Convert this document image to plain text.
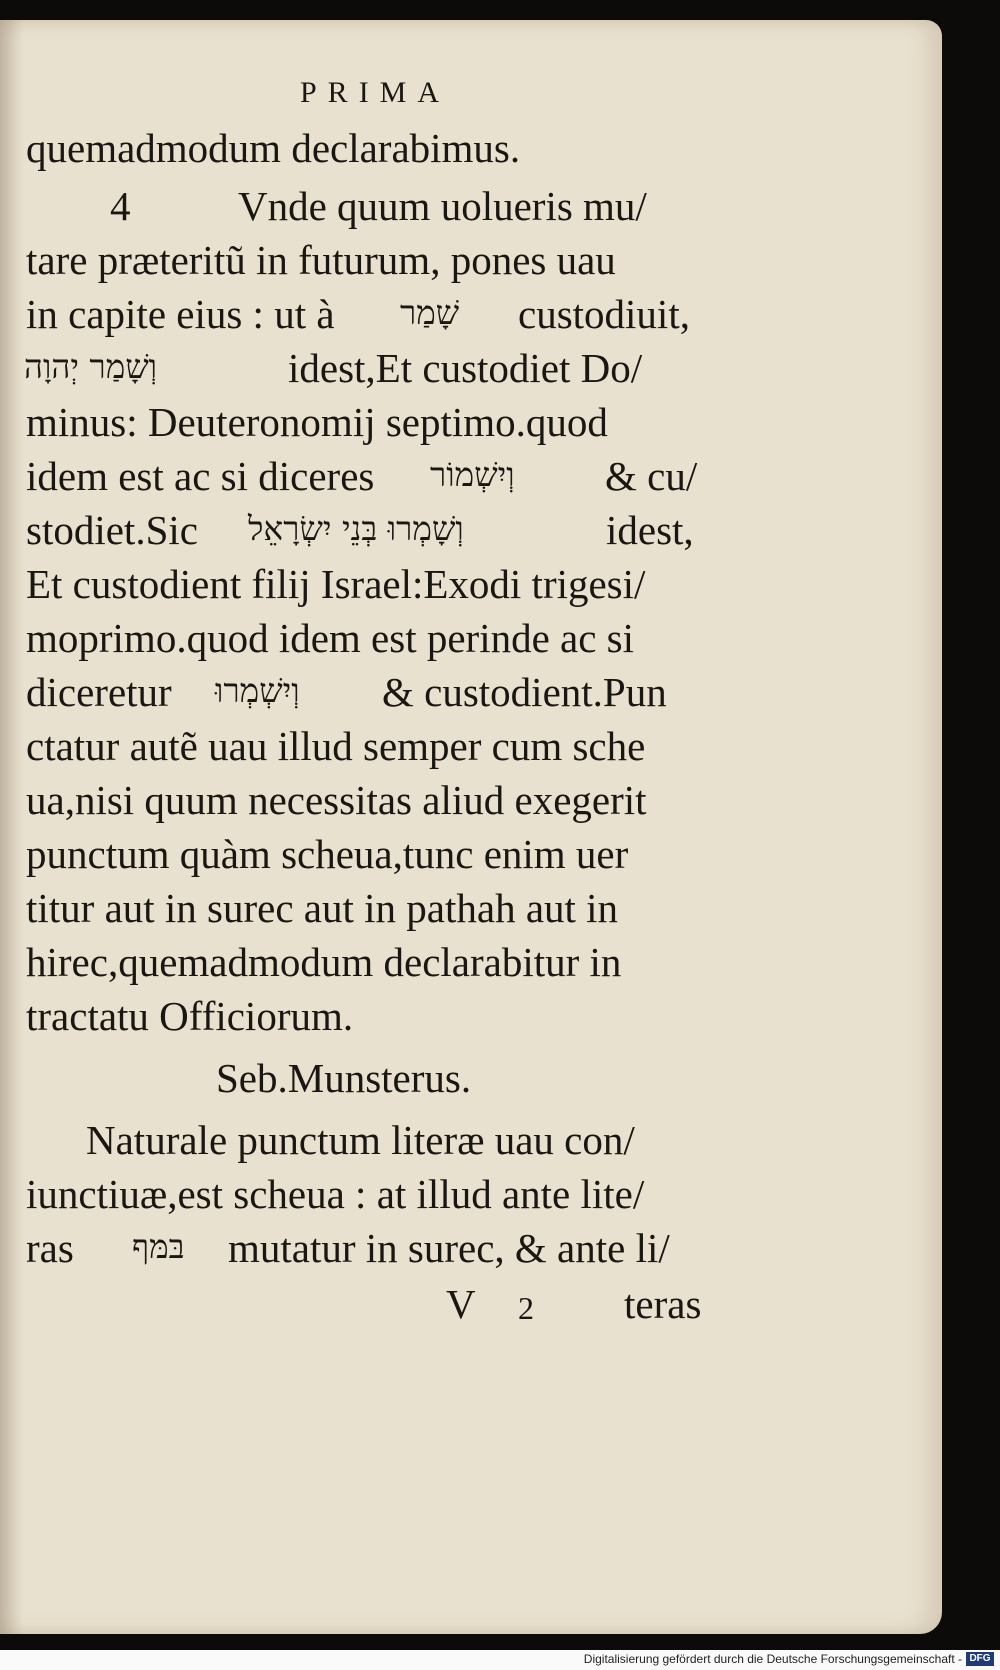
PRIMA
quemadmodum declarabimus.
4	Vnde quum uolueris mu/
tare præteritũ in futurum, pones uau
in capite eius : ut à שָׁמַר custodiuit,
וְשָׁמַר יְהוָה	idest,Et custodiet Do/
minus: Deuteronomij septimo.quod
idem est ac si diceres וְיִשְׁמוֹר & cu/
stodiet.Sic וְשָׁמְרוּ בְּנֵי יִשְׂרָאֵל	idest,
Et custodient filij Israel:Exodi trigesi/
moprimo.quod idem est perinde ac si
diceretur וְיִשְׁמְרוּ & custodient.Pun
ctatur autẽ uau illud semper cum sche
ua,nisi quum necessitas aliud exegerit
punctum quàm scheua,tunc enim uer
titur aut in surec aut in pathah aut in
hirec,quemadmodum declarabitur in
tractatu Officiorum.
Seb.Munsterus.
Naturale punctum literæ uau con/
iunctiuæ,est scheua : at illud ante lite/
ras בּמּף mutatur in surec, & ante li/
V 2 teras
Digitalisierung gefördert durch die Deutsche Forschungsgemeinschaft - DFG
